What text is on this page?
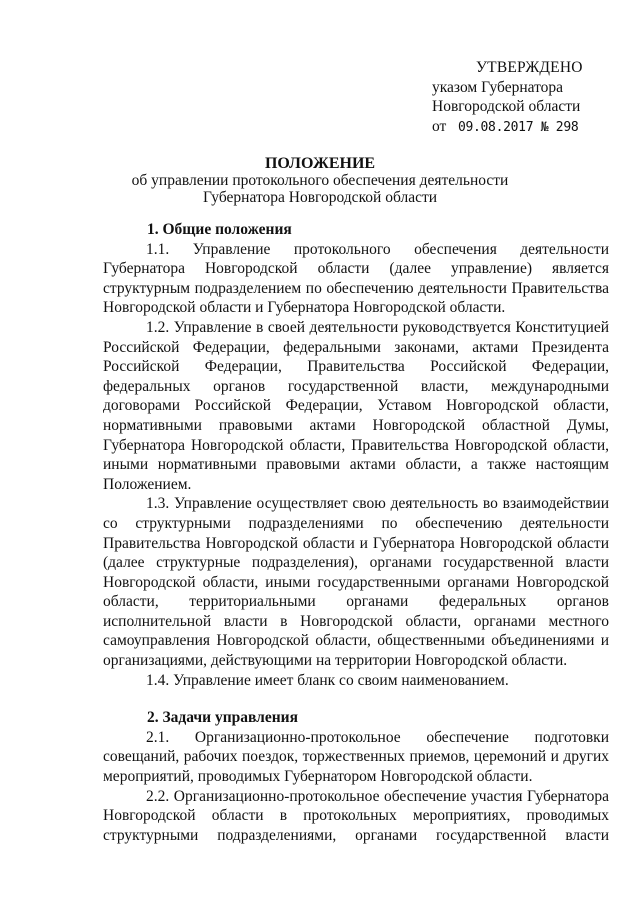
УТВЕРЖДЕНО
указом Губернатора
Новгородской области
от 09.08.2017 № 298
ПОЛОЖЕНИЕ
об управлении протокольного обеспечения деятельности
Губернатора Новгородской области
1. Общие положения

1.1. Управление протокольного обеспечения деятельности Губернатора Новгородской области (далее управление) является структурным подразделением по обеспечению деятельности Правительства Новгородской области и Губернатора Новгородской области.

1.2. Управление в своей деятельности руководствуется Конституцией Российской Федерации, федеральными законами, актами Президента Российской Федерации, Правительства Российской Федерации, федеральных органов государственной власти, международными договорами Российской Федерации, Уставом Новгородской области, нормативными правовыми актами Новгородской областной Думы, Губернатора Новгородской области, Правительства Новгородской области, иными нормативными правовыми актами области, а также настоящим Положением.

1.3. Управление осуществляет свою деятельность во взаимодействии со структурными подразделениями по обеспечению деятельности Правительства Новгородской области и Губернатора Новгородской области (далее структурные подразделения), органами государственной власти Новгородской области, иными государственными органами Новгородской области, территориальными органами федеральных органов исполнительной власти в Новгородской области, органами местного самоуправления Новгородской области, общественными объединениями и организациями, действующими на территории Новгородской области.

1.4. Управление имеет бланк со своим наименованием.

2. Задачи управления

2.1. Организационно-протокольное обеспечение подготовки совещаний, рабочих поездок, торжественных приемов, церемоний и других мероприятий, проводимых Губернатором Новгородской области.

2.2. Организационно-протокольное обеспечение участия Губернатора Новгородской области в протокольных мероприятиях, проводимых структурными подразделениями, органами государственной власти
